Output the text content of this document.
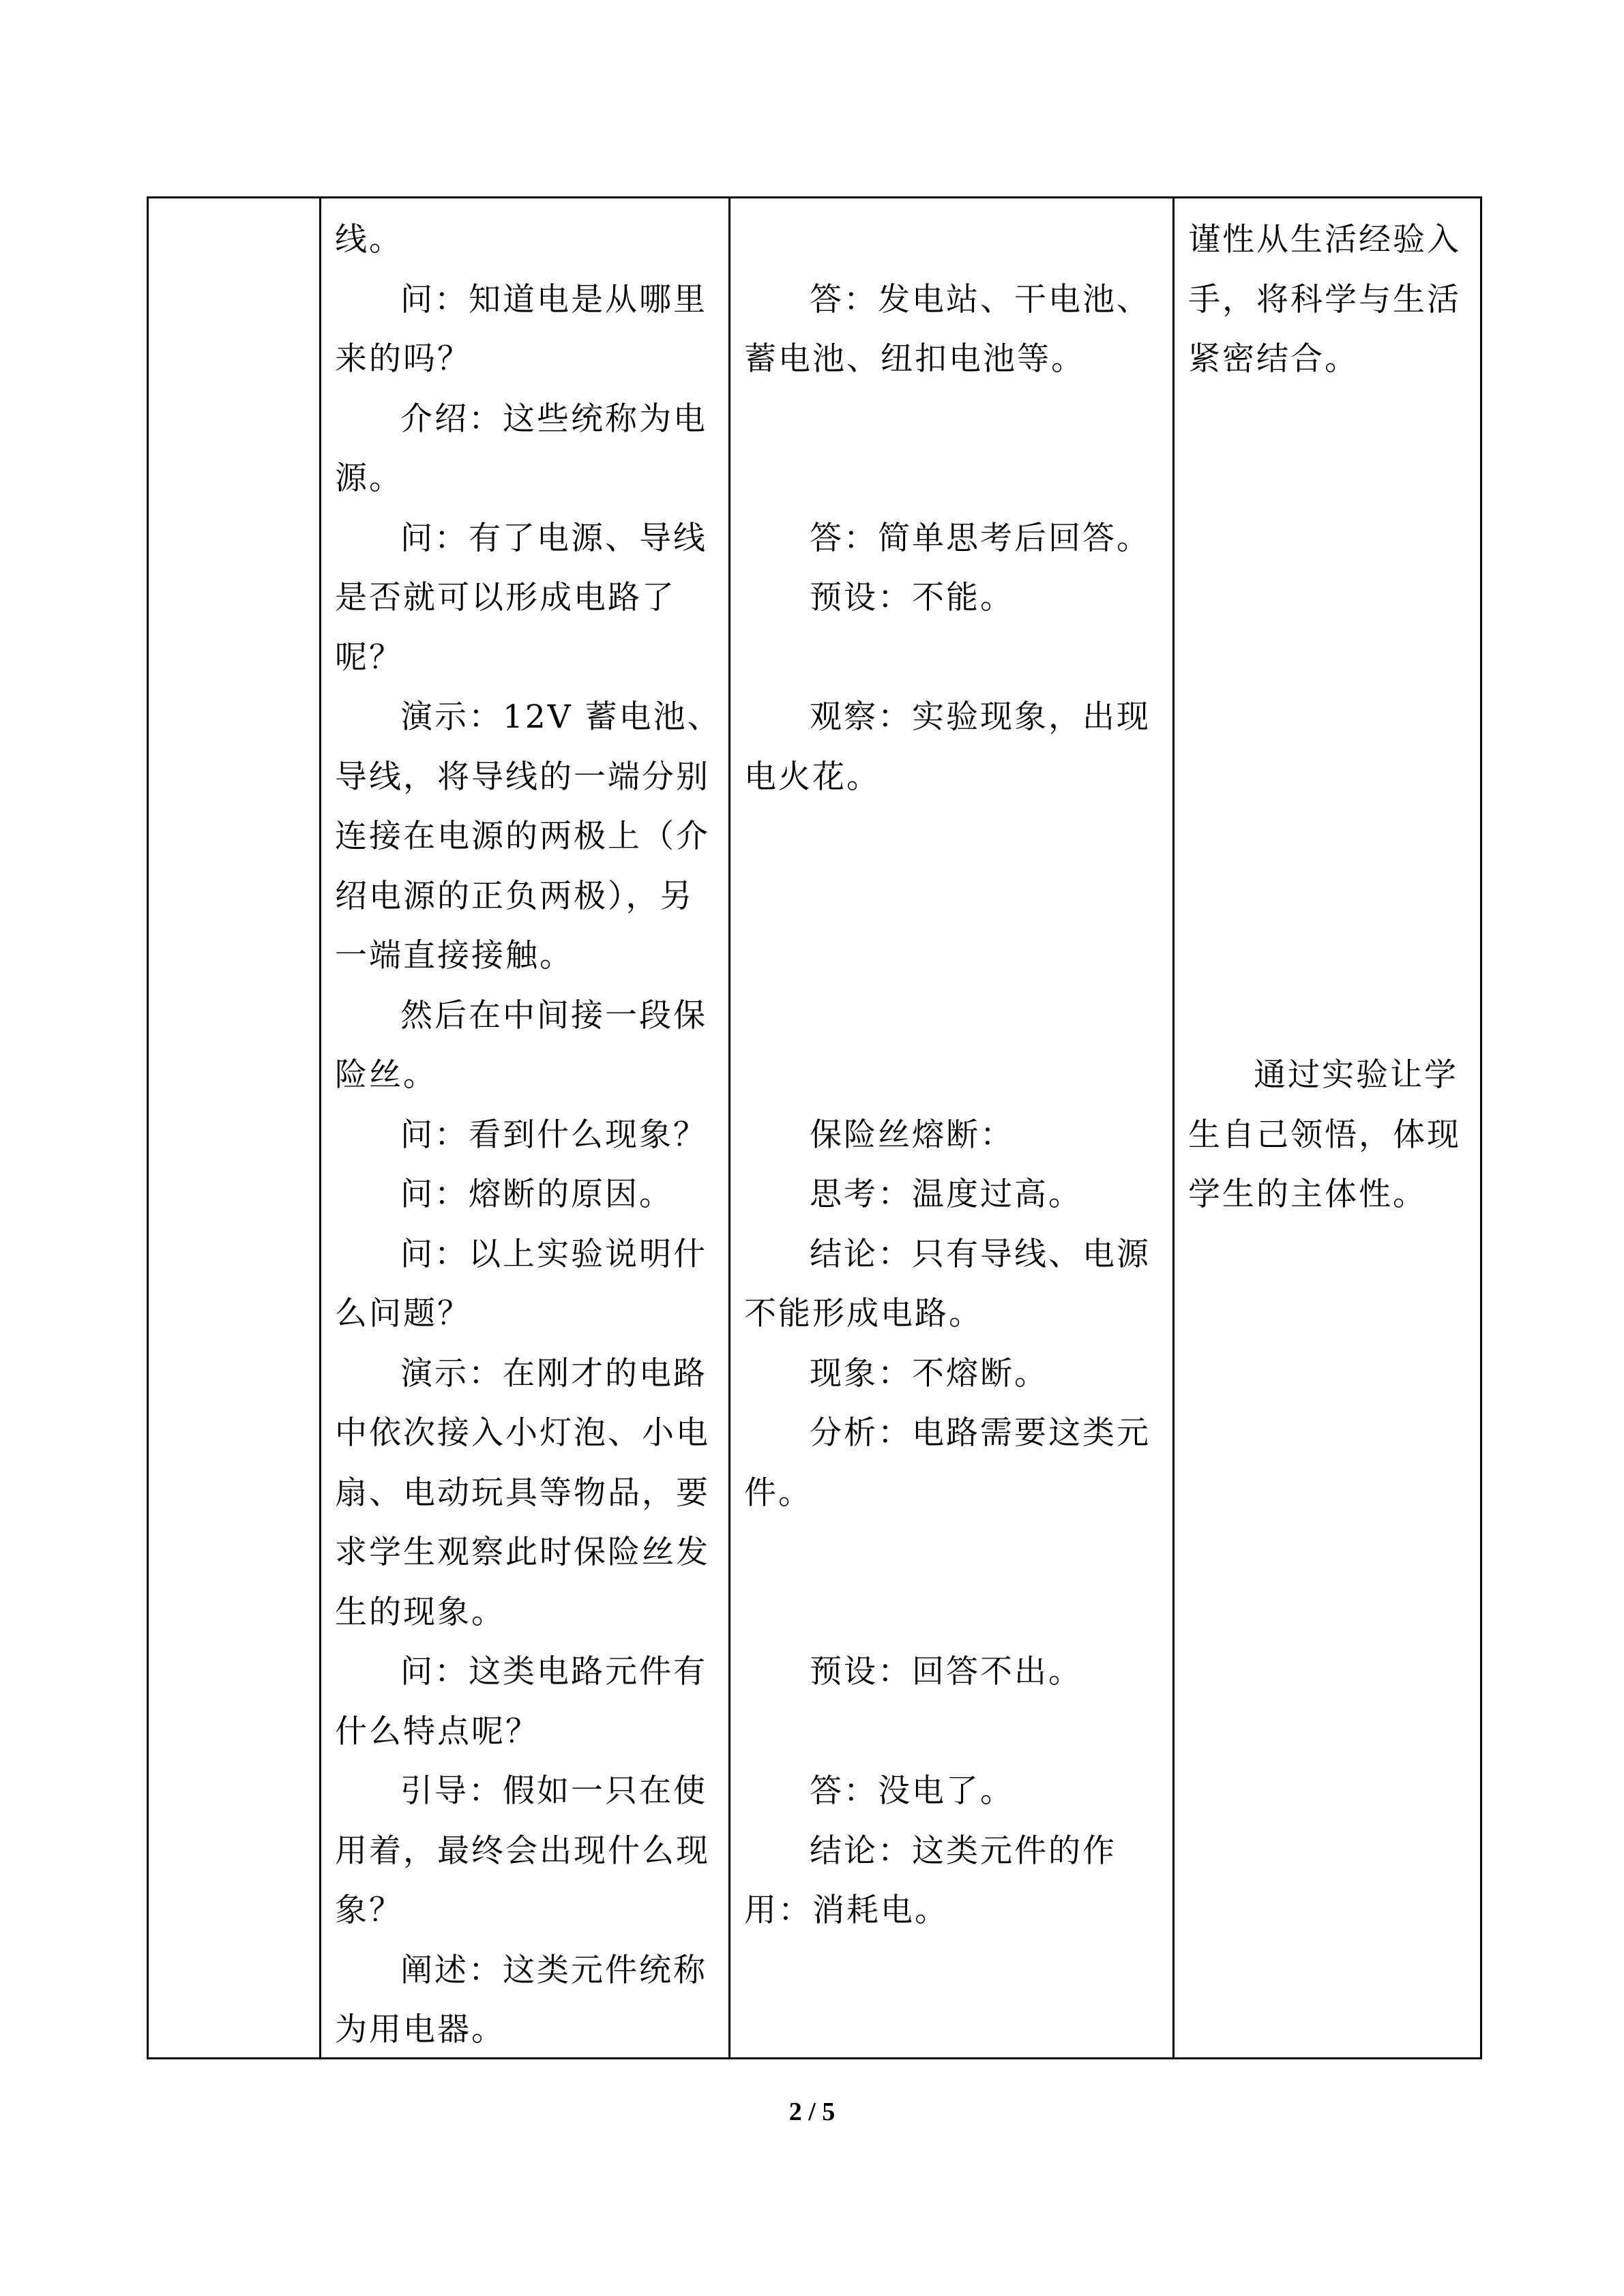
线。
问：知道电是从哪里
来的吗？
介绍：这些统称为电
源。
问：有了电源、导线
是否就可以形成电路了
呢？
演示：12V 蓄电池、
导线，将导线的一端分别
连接在电源的两极上（介
绍电源的正负两极），另
一端直接接触。
然后在中间接一段保
险丝。
问：看到什么现象？
问：熔断的原因。
问：以上实验说明什
么问题？
演示：在刚才的电路
中依次接入小灯泡、小电
扇、电动玩具等物品，要
求学生观察此时保险丝发
生的现象。
问：这类电路元件有
什么特点呢？
引导：假如一只在使
用着，最终会出现什么现
象？
阐述：这类元件统称
为用电器。
答：发电站、干电池、
蓄电池、纽扣电池等。
答：简单思考后回答。
预设：不能。
观察：实验现象，出现
电火花。
保险丝熔断：
思考：温度过高。
结论：只有导线、电源
不能形成电路。
现象：不熔断。
分析：电路需要这类元
件。
预设：回答不出。
答：没电了。
结论：这类元件的作
用：消耗电。
谨性从生活经验入
手，将科学与生活
紧密结合。
通过实验让学
生自己领悟，体现
学生的主体性。
2 / 5
